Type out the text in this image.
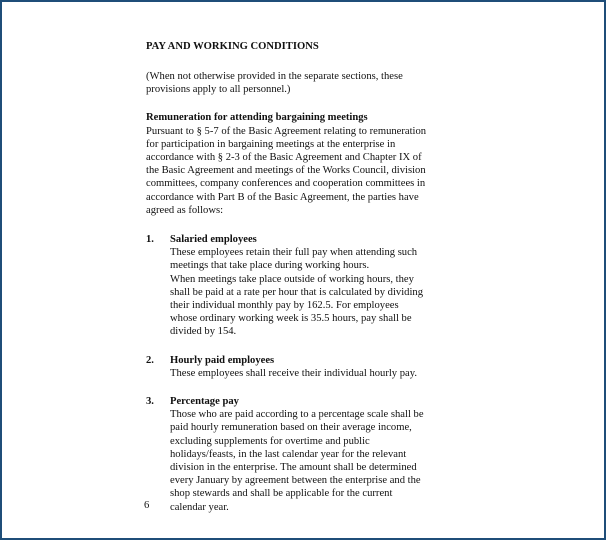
PAY AND WORKING CONDITIONS

(When not otherwise provided in the separate sections, these
provisions apply to all personnel.)

Remuneration for attending bargaining meetings

Pursuant to § 5-7 of the Basic Agreement relating to remuneration
for participation in bargaining meetings at the enterprise in
accordance with § 2-3 of the Basic Agreement and Chapter IX of
the Basic Agreement and meetings of the Works Council, division
committees, company conferences and cooperation committees in
accordance with Part B of the Basic Agreement, the parties have
agreed as follows:

1. Salaried employees
These employees retain their full pay when attending such
meetings that take place during working hours.
When meetings take place outside of working hours, they
shall be paid at a rate per hour that is calculated by dividing
their individual monthly pay by 162.5. For employees
whose ordinary working week is 35.5 hours, pay shall be
divided by 154.
2. Hourly paid employees
These employees shall receive their individual hourly pay.
3. Percentage pay
Those who are paid according to a percentage scale shall be
paid hourly remuneration based on their average income,
excluding supplements for overtime and public
holidays/feasts, in the last calendar year for the relevant
division in the enterprise. The amount shall be determined
every January by agreement between the enterprise and the
shop stewards and shall be applicable for the current
calendar year.
6
